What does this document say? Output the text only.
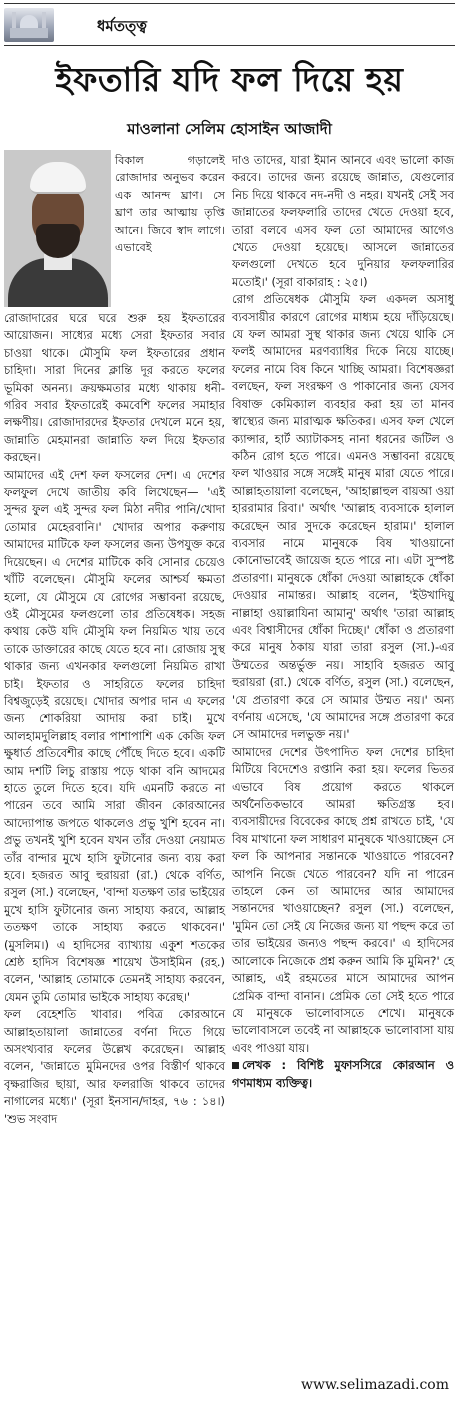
ধর্মতত্ত্ব
ইফতারি যদি ফল দিয়ে হয়
মাওলানা সেলিম হোসাইন আজাদী

বিকাল গড়ালেই রোজাদার অনুভব করেন এক আনন্দ ঘ্রাণ। সে ঘ্রাণ তার আত্মায় তৃপ্তি আনে। জিবে স্বাদ লাগে। এভাবেই

রোজাদারের ঘরে ঘরে শুরু হয় ইফতারের আয়োজন। সাধ্যের মধ্যে সেরা ইফতার সবার চাওয়া থাকে। মৌসুমি ফল ইফতারের প্রধান চাহিদা। সারা দিনের ক্লান্তি দূর করতে ফলের ভূমিকা অনন্য। ক্রয়ক্ষমতার মধ্যে থাকায় ধনী-গরিব সবার ইফতারেই কমবেশি ফলের সমাহার লক্ষণীয়। রোজাদারদের ইফতার দেখলে মনে হয়, জান্নাতি মেহমানরা জান্নাতি ফল দিয়ে ইফতার করছেন।

আমাদের এই দেশ ফল ফসলের দেশ। এ দেশের ফলফুল দেখে জাতীয় কবি লিখেছেন— 'এই সুন্দর ফুল এই সুন্দর ফল মিঠা নদীর পানি/খোদা তোমার মেহেরবানি।' খোদার অপার করুণায় আমাদের মাটিকে ফল ফসলের জন্য উপযুক্ত করে দিয়েছেন। এ দেশের মাটিকে কবি সোনার চেয়েও খাঁটি বলেছেন। মৌসুমি ফলের আশ্চর্য ক্ষমতা হলো, যে মৌসুমে যে রোগের সম্ভাবনা রয়েছে, ওই মৌসুমের ফলগুলো তার প্রতিষেধক। সহজ কথায় কেউ যদি মৌসুমি ফল নিয়মিত খায় তবে তাকে ডাক্তারের কাছে যেতে হবে না। রোজায় সুস্থ থাকার জন্য এখনকার ফলগুলো নিয়মিত রাখা চাই। ইফতার ও সাহরিতে ফলের চাহিদা বিশ্বজুড়েই রয়েছে। খোদার অপার দান এ ফলের জন্য শোকরিয়া আদায় করা চাই। মুখে আলহামদুলিল্লাহ বলার পাশাপাশি এক কেজি ফল ক্ষুধার্ত প্রতিবেশীর কাছে পৌঁছে দিতে হবে। একটি আম দশটি লিচু রাস্তায় পড়ে থাকা বনি আদমের হাতে তুলে দিতে হবে। যদি এমনটি করতে না পারেন তবে আমি সারা জীবন কোরআনের আদ্যোপান্ত জপতে থাকলেও প্রভু খুশি হবেন না। প্রভু তখনই খুশি হবেন যখন তাঁর দেওয়া নেয়ামত তাঁর বান্দার মুখে হাসি ফুটানোর জন্য ব্যয় করা হবে। হজরত আবু হুরায়রা (রা.) থেকে বর্ণিত, রসুল (সা.) বলেছেন, 'বান্দা যতক্ষণ তার ভাইয়ের মুখে হাসি ফুটানোর জন্য সাহায্য করবে, আল্লাহ ততক্ষণ তাকে সাহায্য করতে থাকবেন।' (মুসলিম।) এ হাদিসের ব্যাখ্যায় একুশ শতকের শ্রেষ্ঠ হাদিস বিশেষজ্ঞ শায়েখ উসাইমিন (রহ.) বলেন, 'আল্লাহ তোমাকে তেমনই সাহায্য করবেন, যেমন তুমি তোমার ভাইকে সাহায্য করেছ।'

ফল বেহেশতি খাবার। পবিত্র কোরআনে আল্লাহতায়ালা জান্নাতের বর্ণনা দিতে গিয়ে অসংখ্যবার ফলের উল্লেখ করেছেন। আল্লাহ বলেন, 'জান্নাতে মুমিনদের ওপর বিস্তীর্ণ থাকবে বৃক্ষরাজির ছায়া, আর ফলরাজি থাকবে তাদের নাগালের মধ্যে।' (সূরা ইনসান/দাহর, ৭৬ : ১৪।) 'শুভ সংবাদ

দাও তাদের, যারা ইমান আনবে এবং ভালো কাজ করবে। তাদের জন্য রয়েছে জান্নাত, যেগুলোর নিচ দিয়ে থাকবে নদ-নদী ও নহর। যখনই সেই সব জান্নাতের ফলফলারি তাদের খেতে দেওয়া হবে, তারা বলবে এসব ফল তো আমাদের আগেও খেতে দেওয়া হয়েছে। আসলে জান্নাতের ফলগুলো দেখতে হবে দুনিয়ার ফলফলারির মতোই।' (সূরা বাকারাহ : ২৫।)

রোগ প্রতিষেধক মৌসুমি ফল একদল অসাধু ব্যবসায়ীর কারণে রোগের মাধ্যম হয়ে দাঁড়িয়েছে। যে ফল আমরা সুস্থ থাকার জন্য খেয়ে থাকি সে ফলই আমাদের মরণব্যাধির দিকে নিয়ে যাচ্ছে। ফলের নামে বিষ কিনে খাচ্ছি আমরা। বিশেষজ্ঞরা বলছেন, ফল সংরক্ষণ ও পাকানোর জন্য যেসব বিষাক্ত কেমিক্যাল ব্যবহার করা হয় তা মানব স্বাস্থ্যের জন্য মারাত্মক ক্ষতিকর। এসব ফল খেলে ক্যান্সার, হার্ট অ্যাটাকসহ নানা ধরনের জটিল ও কঠিন রোগ হতে পারে। এমনও সম্ভাবনা রয়েছে ফল খাওয়ার সঙ্গে সঙ্গেই মানুষ মারা যেতে পারে। আল্লাহতায়ালা বলেছেন, 'আহাল্লাহুল বায়আ ওয়া হাররামার রিবা।' অর্থাৎ 'আল্লাহ ব্যবসাকে হালাল করেছেন আর সুদকে করেছেন হারাম।' হালাল ব্যবসার নামে মানুষকে বিষ খাওয়ানো কোনোভাবেই জায়েজ হতে পারে না। এটা সুস্পষ্ট প্রতারণা। মানুষকে ধোঁকা দেওয়া আল্লাহকে ধোঁকা দেওয়ার নামান্তর। আল্লাহ বলেন, 'ইউখাদিয়ু নাল্লাহা ওয়াল্লাযিনা আমানু' অর্থাৎ 'তারা আল্লাহ এবং বিশ্বাসীদের ধোঁকা দিচ্ছে।' ধোঁকা ও প্রতারণা করে মানুষ ঠকায় যারা তারা রসুল (সা.)-এর উম্মতের অন্তর্ভুক্ত নয়। সাহাবি হজরত আবু হুরায়রা (রা.) থেকে বর্ণিত, রসুল (সা.) বলেছেন, 'যে প্রতারণা করে সে আমার উম্মত নয়।' অন্য বর্ণনায় এসেছে, 'যে আমাদের সঙ্গে প্রতারণা করে সে আমাদের দলভুক্ত নয়।'

আমাদের দেশের উৎপাদিত ফল দেশের চাহিদা মিটিয়ে বিদেশেও রপ্তানি করা হয়। ফলের ভিতর এভাবে বিষ প্রয়োগ করতে থাকলে অর্থনৈতিকভাবে আমরা ক্ষতিগ্রস্ত হব। ব্যবসায়ীদের বিবেকের কাছে প্রশ্ন রাখতে চাই, 'যে বিষ মাখানো ফল সাধারণ মানুষকে খাওয়াচ্ছেন সে ফল কি আপনার সন্তানকে খাওয়াতে পারবেন? আপনি নিজে খেতে পারবেন? যদি না পারেন তাহলে কেন তা আমাদের আর আমাদের সন্তানদের খাওয়াচ্ছেন? রসুল (সা.) বলেছেন, 'মুমিন তো সেই যে নিজের জন্য যা পছন্দ করে তা তার ভাইয়ের জন্যও পছন্দ করবে।' এ হাদিসের আলোকে নিজেকে প্রশ্ন করুন আমি কি মুমিন?' হে আল্লাহ, এই রহমতের মাসে আমাদের আপন প্রেমিক বান্দা বানান। প্রেমিক তো সেই হতে পারে যে মানুষকে ভালোবাসতে শেখে। মানুষকে ভালোবাসলে তবেই না আল্লাহকে ভালোবাসা যায় এবং পাওয়া যায়।

লেখক : বিশিষ্ট মুফাসসিরে কোরআন ও গণমাধ্যম ব্যক্তিত্ব।

www.selimazadi.com
